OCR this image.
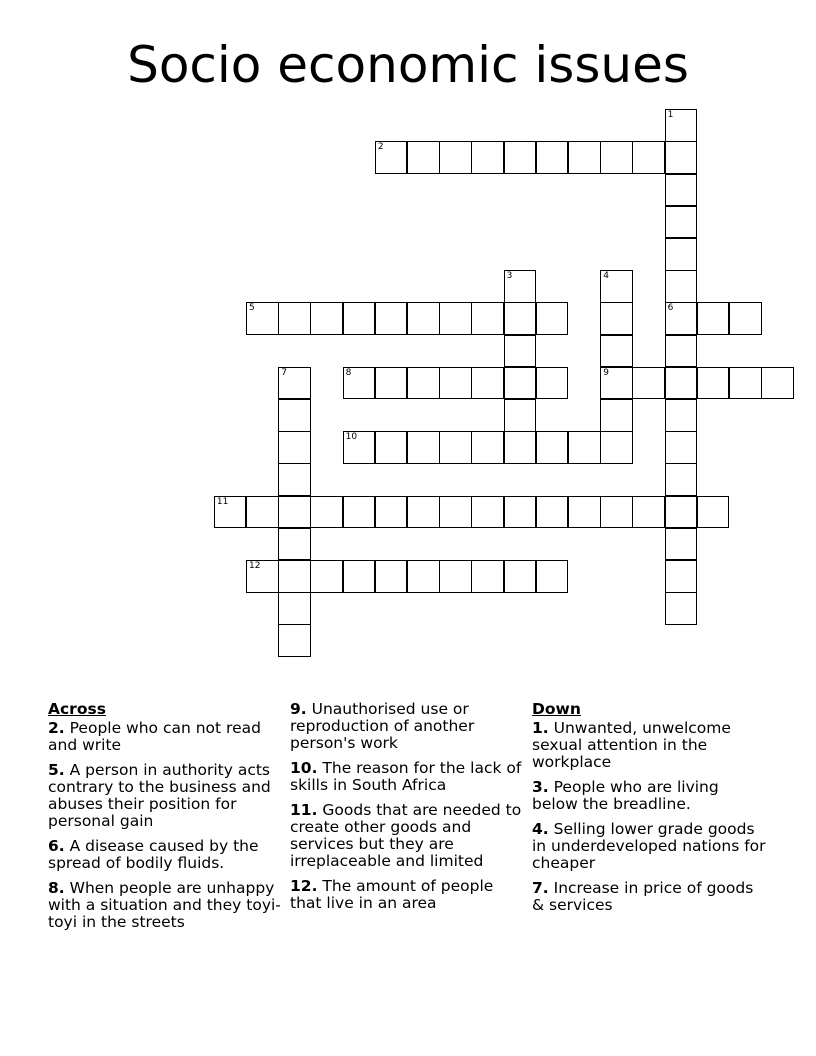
Socio economic issues
1
6
2
3	4
9
5
7	8
10
11
12
Across
2. People who can not read and write
5. A person in authority acts contrary to the business and abuses their position for personal gain
6. A disease caused by the spread of bodily fluids.
8. When people are unhappy with a situation and they toyi-toyi in the streets
9. Unauthorised use or reproduction of another person's work
10. The reason for the lack of skills in South Africa
11. Goods that are needed to create other goods and services but they are irreplaceable and limited
12. The amount of people that live in an area
Down
1. Unwanted, unwelcome sexual attention in the workplace
3. People who are living below the breadline.
4. Selling lower grade goods in underdeveloped nations for cheaper
7. Increase in price of goods & services
